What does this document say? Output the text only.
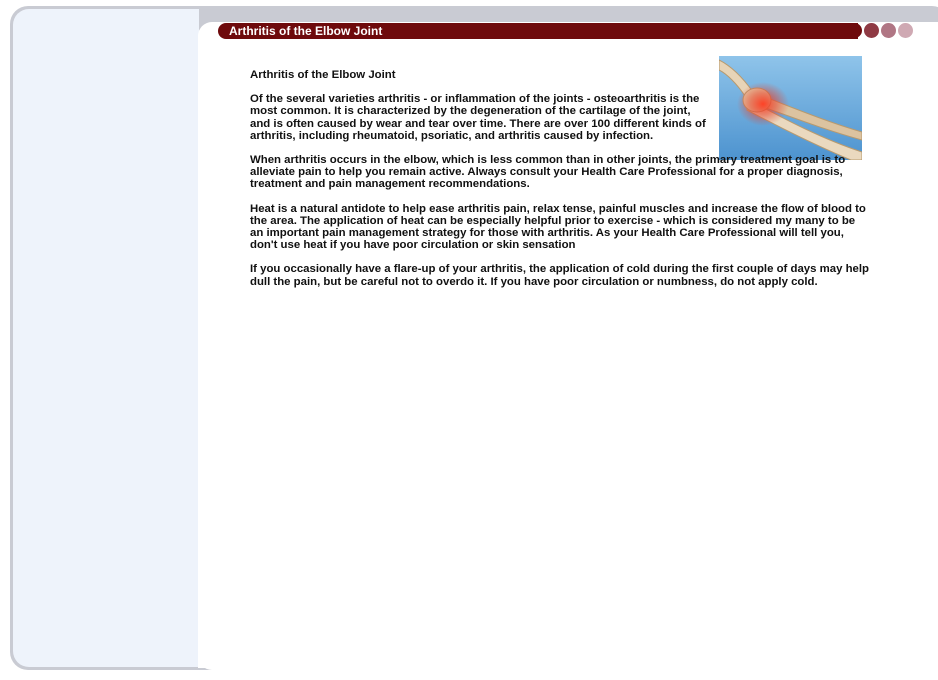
Arthritis of the Elbow Joint

Arthritis of the Elbow Joint

Of the several varieties arthritis - or inflammation of the joints - osteoarthritis is the most common. It is characterized by the degeneration of the cartilage of the joint, and is often caused by wear and tear over time. There are over 100 different kinds of arthritis, including rheumatoid, psoriatic, and arthritis caused by infection.

When arthritis occurs in the elbow, which is less common than in other joints, the primary treatment goal is to alleviate pain to help you remain active. Always consult your Health Care Professional for a proper diagnosis, treatment and pain management recommendations.

Heat is a natural antidote to help ease arthritis pain, relax tense, painful muscles and increase the flow of blood to the area. The application of heat can be especially helpful prior to exercise - which is considered my many to be an important pain management strategy for those with arthritis. As your Health Care Professional will tell you, don't use heat if you have poor circulation or skin sensation

If you occasionally have a flare-up of your arthritis, the application of cold during the first couple of days may help dull the pain, but be careful not to overdo it. If you have poor circulation or numbness, do not apply cold.
